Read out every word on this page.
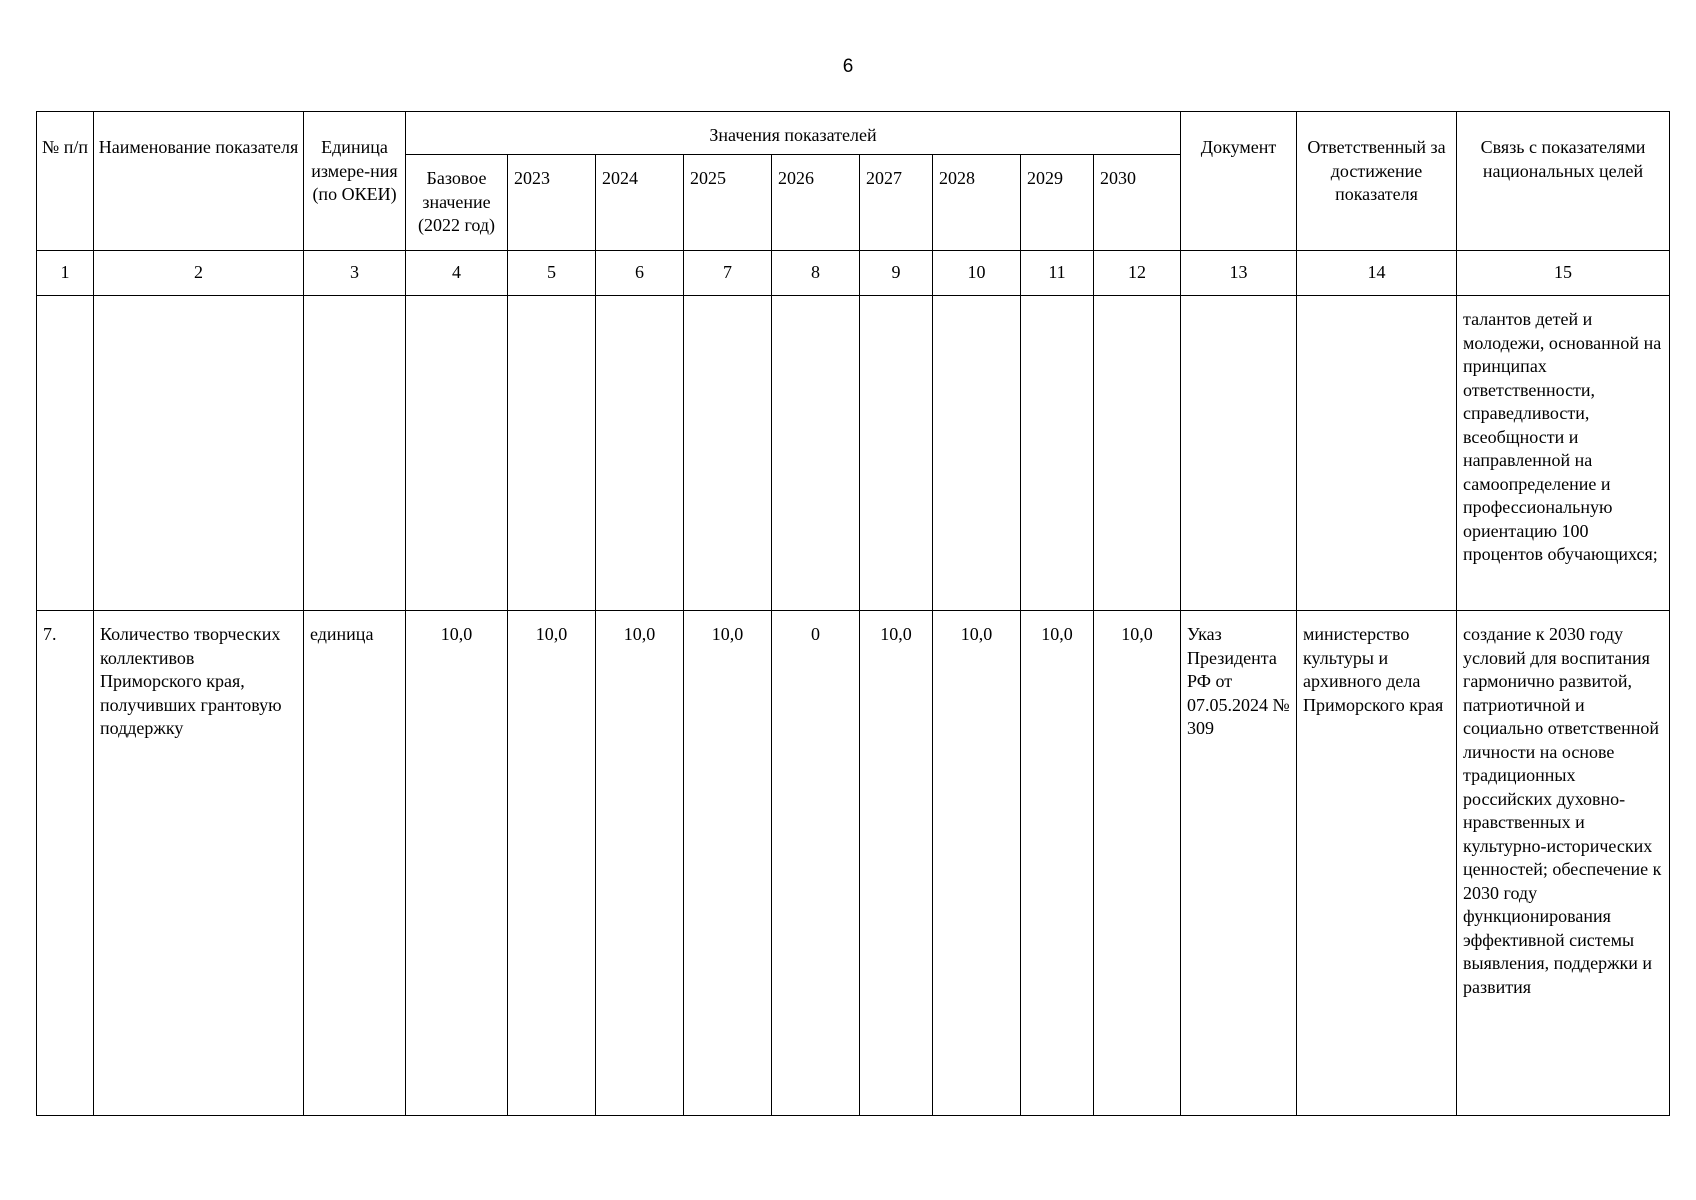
6
№ п/п	Наименование показателя	Единица измере-ния (по ОКЕИ)	Значения показателей									Документ	Ответственный за достижение показателя	Связь с показателями национальных целей
			Базовое значение (2022 год)	2023	2024	2025	2026	2027	2028	2029	2030			
1	2	3	4	5	6	7	8	9	10	11	12	13	14	15
														талантов детей и молодежи, основанной на принципах ответственности, справедливости, всеобщности и направленной на самоопределение и профессиональную ориентацию 100 процентов обучающихся;
7.	Количество творческих коллективов Приморского края, получивших грантовую поддержку	единица	10,0	10,0	10,0	10,0	0	10,0	10,0	10,0	10,0	Указ Президента РФ от 07.05.2024 № 309	министерство культуры и архивного дела Приморского края	создание к 2030 году условий для воспитания гармонично развитой, патриотичной и социально ответственной личности на основе традиционных российских духовно-нравственных и культурно-исторических ценностей; обеспечение к 2030 году функционирования эффективной системы выявления, поддержки и развития
